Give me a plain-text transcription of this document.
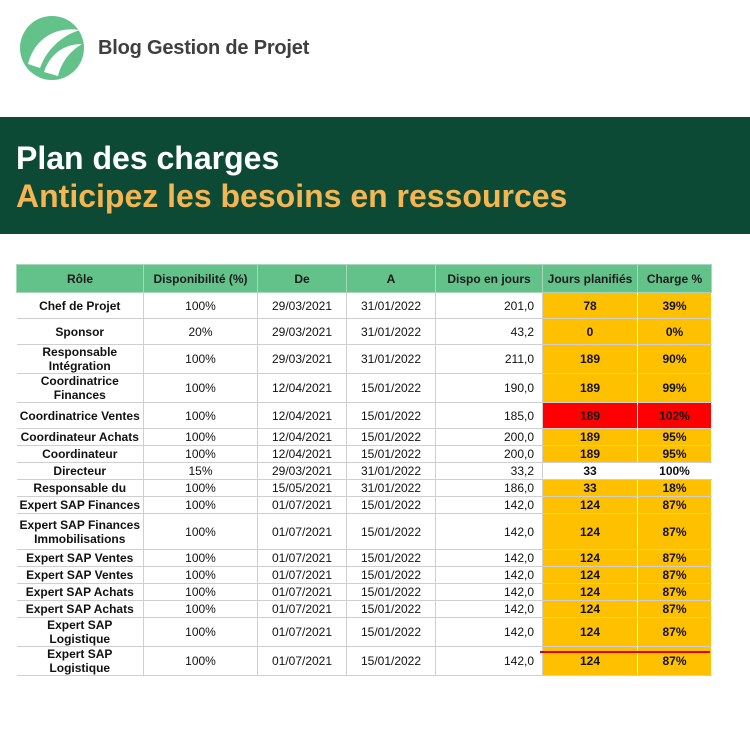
Blog Gestion de Projet
Plan des charges
Anticipez les besoins en ressources
Rôle	Disponibilité (%)	De	A	Dispo en jours	Jours planifiés	Charge %
Chef de Projet	100%	29/03/2021	31/01/2022	201,0	78	39%
Sponsor	20%	29/03/2021	31/01/2022	43,2	0	0%
Responsable Intégration	100%	29/03/2021	31/01/2022	211,0	189	90%
Coordinatrice Finances	100%	12/04/2021	15/01/2022	190,0	189	99%
Coordinatrice Ventes	100%	12/04/2021	15/01/2022	185,0	189	102%
Coordinateur Achats	100%	12/04/2021	15/01/2022	200,0	189	95%
Coordinateur	100%	12/04/2021	15/01/2022	200,0	189	95%
Directeur	15%	29/03/2021	31/01/2022	33,2	33	100%
Responsable du	100%	15/05/2021	31/01/2022	186,0	33	18%
Expert SAP Finances	100%	01/07/2021	15/01/2022	142,0	124	87%
Expert SAP Finances Immobilisations	100%	01/07/2021	15/01/2022	142,0	124	87%
Expert SAP Ventes	100%	01/07/2021	15/01/2022	142,0	124	87%
Expert SAP Ventes	100%	01/07/2021	15/01/2022	142,0	124	87%
Expert SAP Achats	100%	01/07/2021	15/01/2022	142,0	124	87%
Expert SAP Achats	100%	01/07/2021	15/01/2022	142,0	124	87%
Expert SAP Logistique	100%	01/07/2021	15/01/2022	142,0	124	87%
Expert SAP Logistique	100%	01/07/2021	15/01/2022	142,0	124	87%
